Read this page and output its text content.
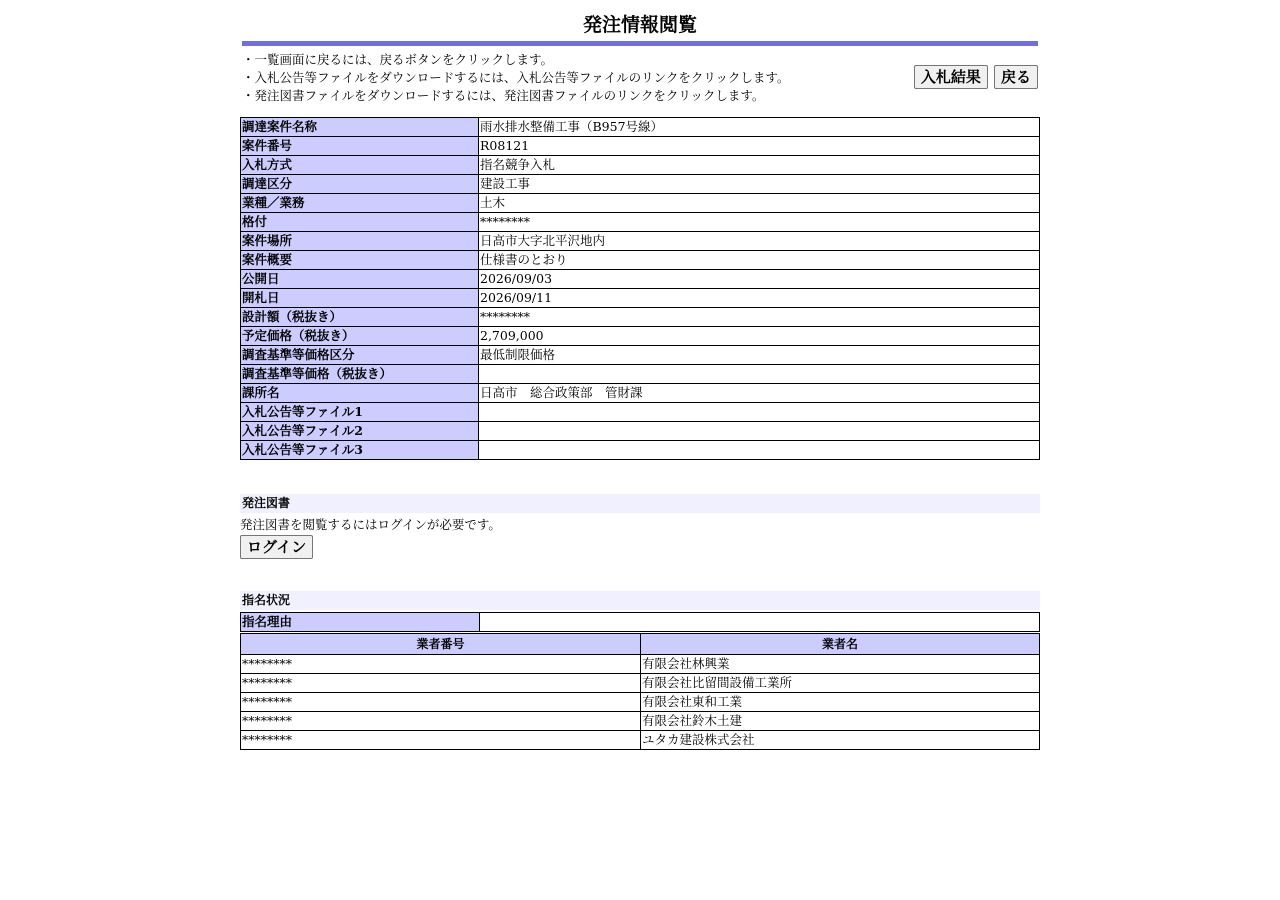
発注情報閲覧
・一覧画面に戻るには、戻るボタンをクリックします。
・入札公告等ファイルをダウンロードするには、入札公告等ファイルのリンクをクリックします。
・発注図書ファイルをダウンロードするには、発注図書ファイルのリンクをクリックします。
入札結果 戻る
調達案件名称	雨水排水整備工事（B957号線）
案件番号	R08121
入札方式	指名競争入札
調達区分	建設工事
業種／業務	土木
格付	********
案件場所	日高市大字北平沢地内
案件概要	仕様書のとおり
公開日	2026/09/03
開札日	2026/09/11
設計額（税抜き）	********
予定価格（税抜き）	2,709,000
調査基準等価格区分	最低制限価格
調査基準等価格（税抜き）	
課所名	日高市　総合政策部　管財課
入札公告等ファイル1	
入札公告等ファイル2	
入札公告等ファイル3	
発注図書
発注図書を閲覧するにはログインが必要です。
ログイン
指名状況
指名理由	
業者番号	業者名
********	有限会社林興業
********	有限会社比留間設備工業所
********	有限会社東和工業
********	有限会社鈴木土建
********	ユタカ建設株式会社
